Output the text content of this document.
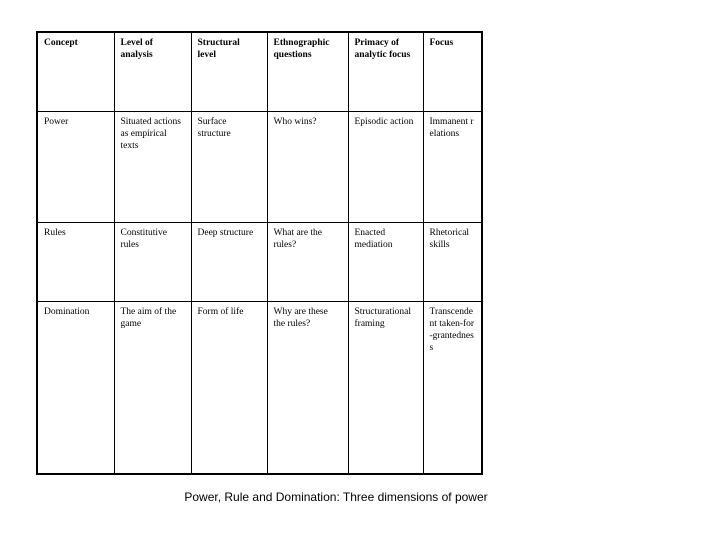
Concept	Level of analysis	Structural level	Ethnographic questions	Primacy of analytic focus	Focus
Power	Situated actions as empirical texts	Surface structure	Who wins?	Episodic action	Immanent relations
Rules	Constitutive rules	Deep structure	What are the rules?	Enacted mediation	Rhetorical skills
Domination	The aim of the game	Form of life	Why are these the rules?	Structurational framing	Transcendent taken-for-grantedness
Power, Rule and Domination: Three dimensions of power
